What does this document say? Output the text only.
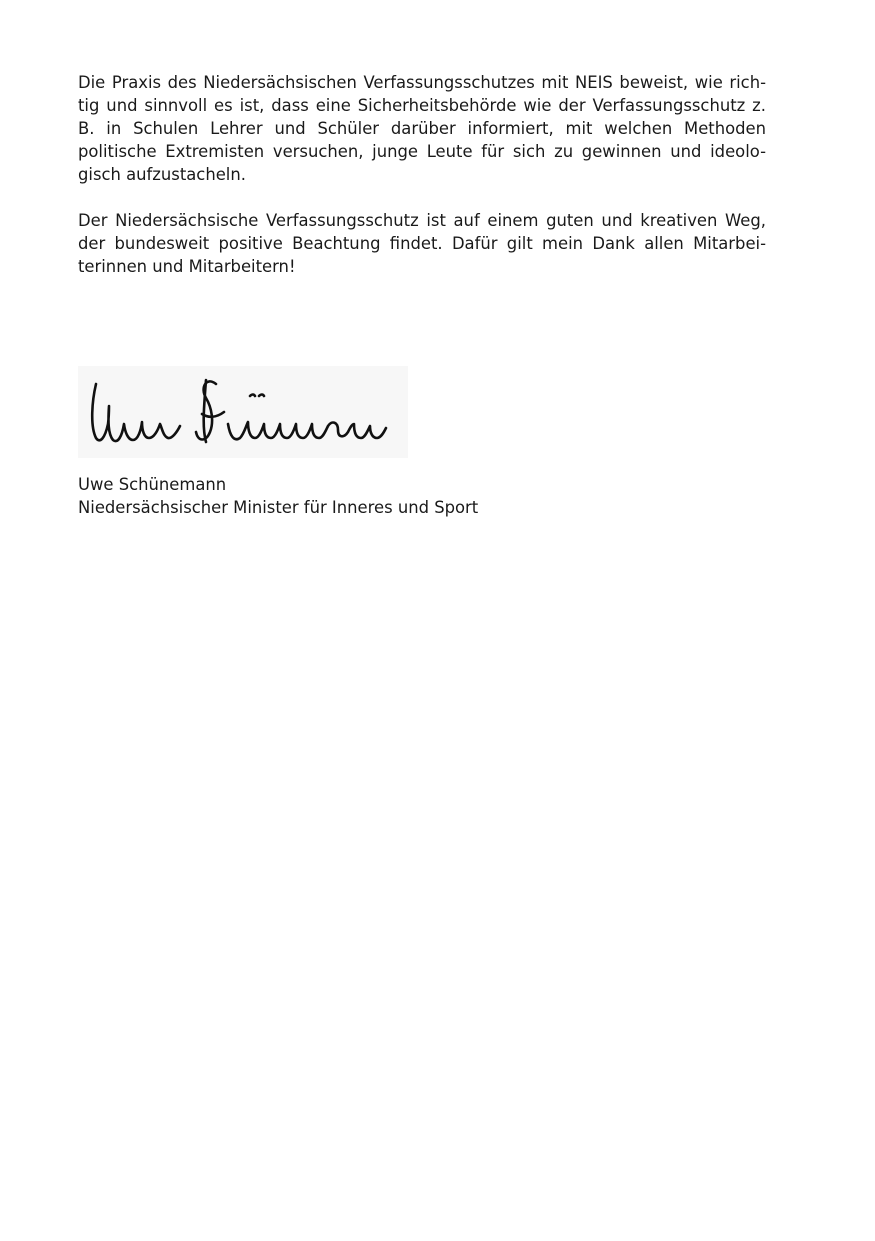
Die Praxis des Niedersächsischen Verfassungsschutzes mit NEIS beweist, wie rich-tig und sinnvoll es ist, dass eine Sicherheitsbehörde wie der Verfassungsschutz z. B. in Schulen Lehrer und Schüler darüber informiert, mit welchen Methoden politische Extremisten versuchen, junge Leute für sich zu gewinnen und ideolo-gisch aufzustacheln.

Der Niedersächsische Verfassungsschutz ist auf einem guten und kreativen Weg, der bundesweit positive Beachtung findet. Dafür gilt mein Dank allen Mitarbei-terinnen und Mitarbeitern!

Uwe Schünemann
Niedersächsischer Minister für Inneres und Sport
